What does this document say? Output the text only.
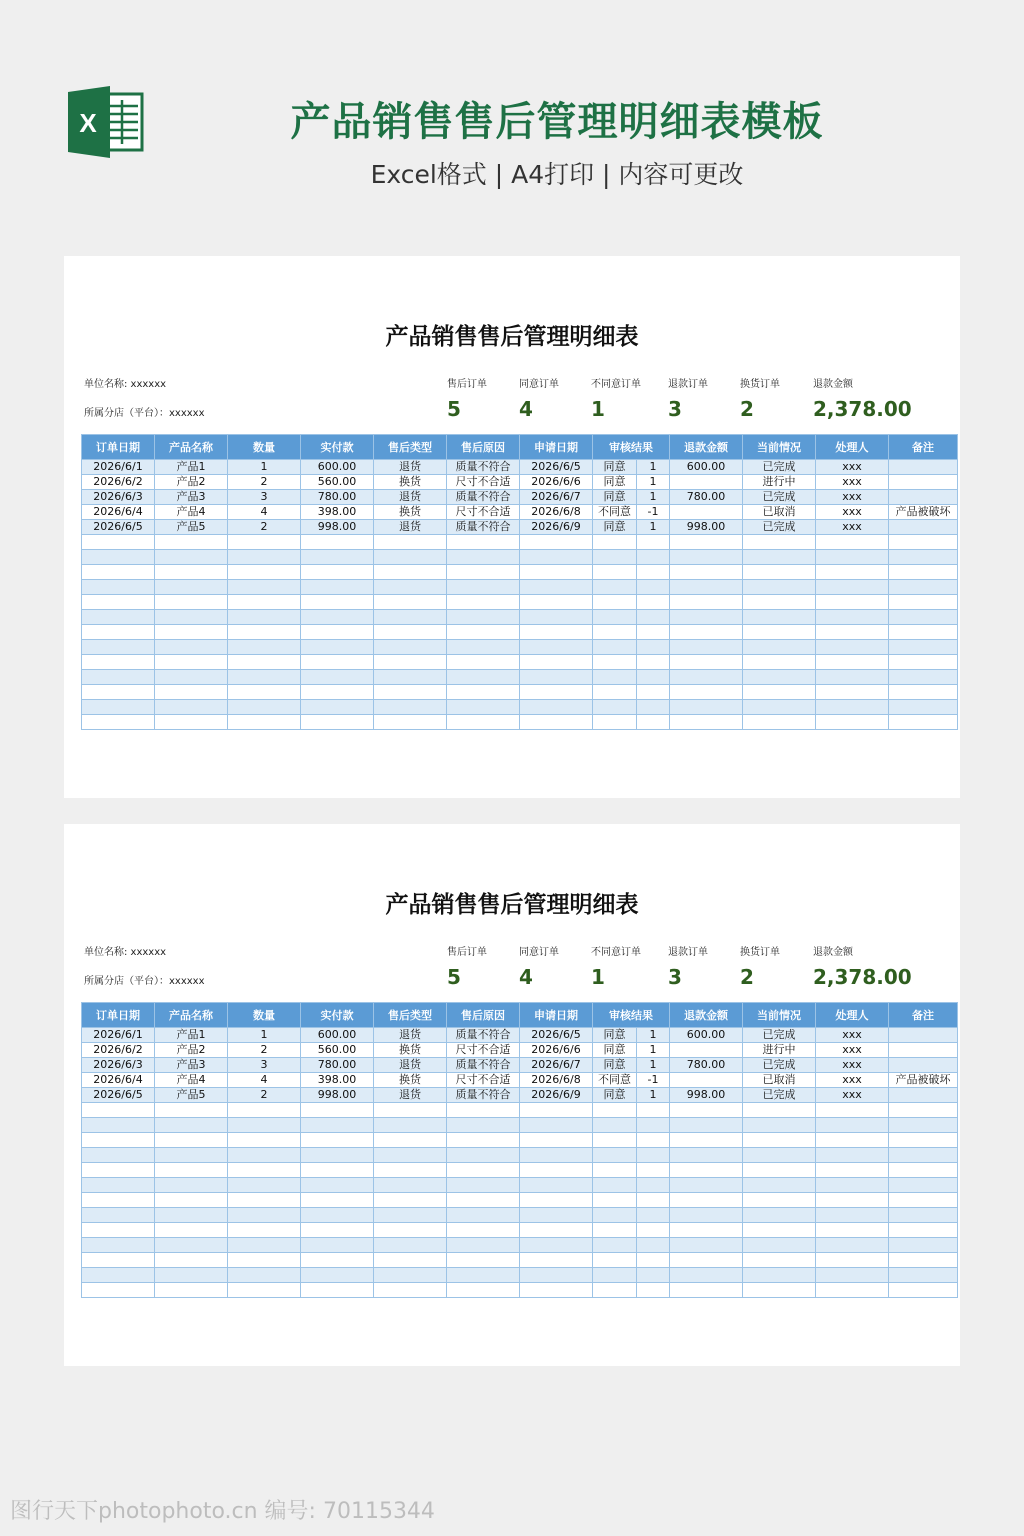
X	产品销售售后管理明细表模板
Excel格式 | A4打印 | 内容可更改
产品销售售后管理明细表
单位名称: xxxxxx
所属分店（平台）：xxxxxx
售后订单
5
同意订单
4
不同意订单
1
退款订单
3
换货订单
2
退款金额
2,378.00
订单日期	产品名称	数量	实付款	售后类型	售后原因	申请日期	审核结果		退款金额	当前情况	处理人	备注
2026/6/1	产品1	1	600.00	退货	质量不符合	2026/6/5	同意	1	600.00	已完成	xxx	
2026/6/2	产品2	2	560.00	换货	尺寸不合适	2026/6/6	同意	1		进行中	xxx	
2026/6/3	产品3	3	780.00	退货	质量不符合	2026/6/7	同意	1	780.00	已完成	xxx	
2026/6/4	产品4	4	398.00	换货	尺寸不合适	2026/6/8	不同意	-1		已取消	xxx	产品被破坏
2026/6/5	产品5	2	998.00	退货	质量不符合	2026/6/9	同意	1	998.00	已完成	xxx	

产品销售售后管理明细表
单位名称: xxxxxx
所属分店（平台）：xxxxxx
售后订单
5
同意订单
4
不同意订单
1
退款订单
3
换货订单
2
退款金额
2,378.00
订单日期	产品名称	数量	实付款	售后类型	售后原因	申请日期	审核结果		退款金额	当前情况	处理人	备注
2026/6/1	产品1	1	600.00	退货	质量不符合	2026/6/5	同意	1	600.00	已完成	xxx	
2026/6/2	产品2	2	560.00	换货	尺寸不合适	2026/6/6	同意	1		进行中	xxx	
2026/6/3	产品3	3	780.00	退货	质量不符合	2026/6/7	同意	1	780.00	已完成	xxx	
2026/6/4	产品4	4	398.00	换货	尺寸不合适	2026/6/8	不同意	-1		已取消	xxx	产品被破坏
2026/6/5	产品5	2	998.00	退货	质量不符合	2026/6/9	同意	1	998.00	已完成	xxx	

图行天下photophoto.cn 编号: 70115344
